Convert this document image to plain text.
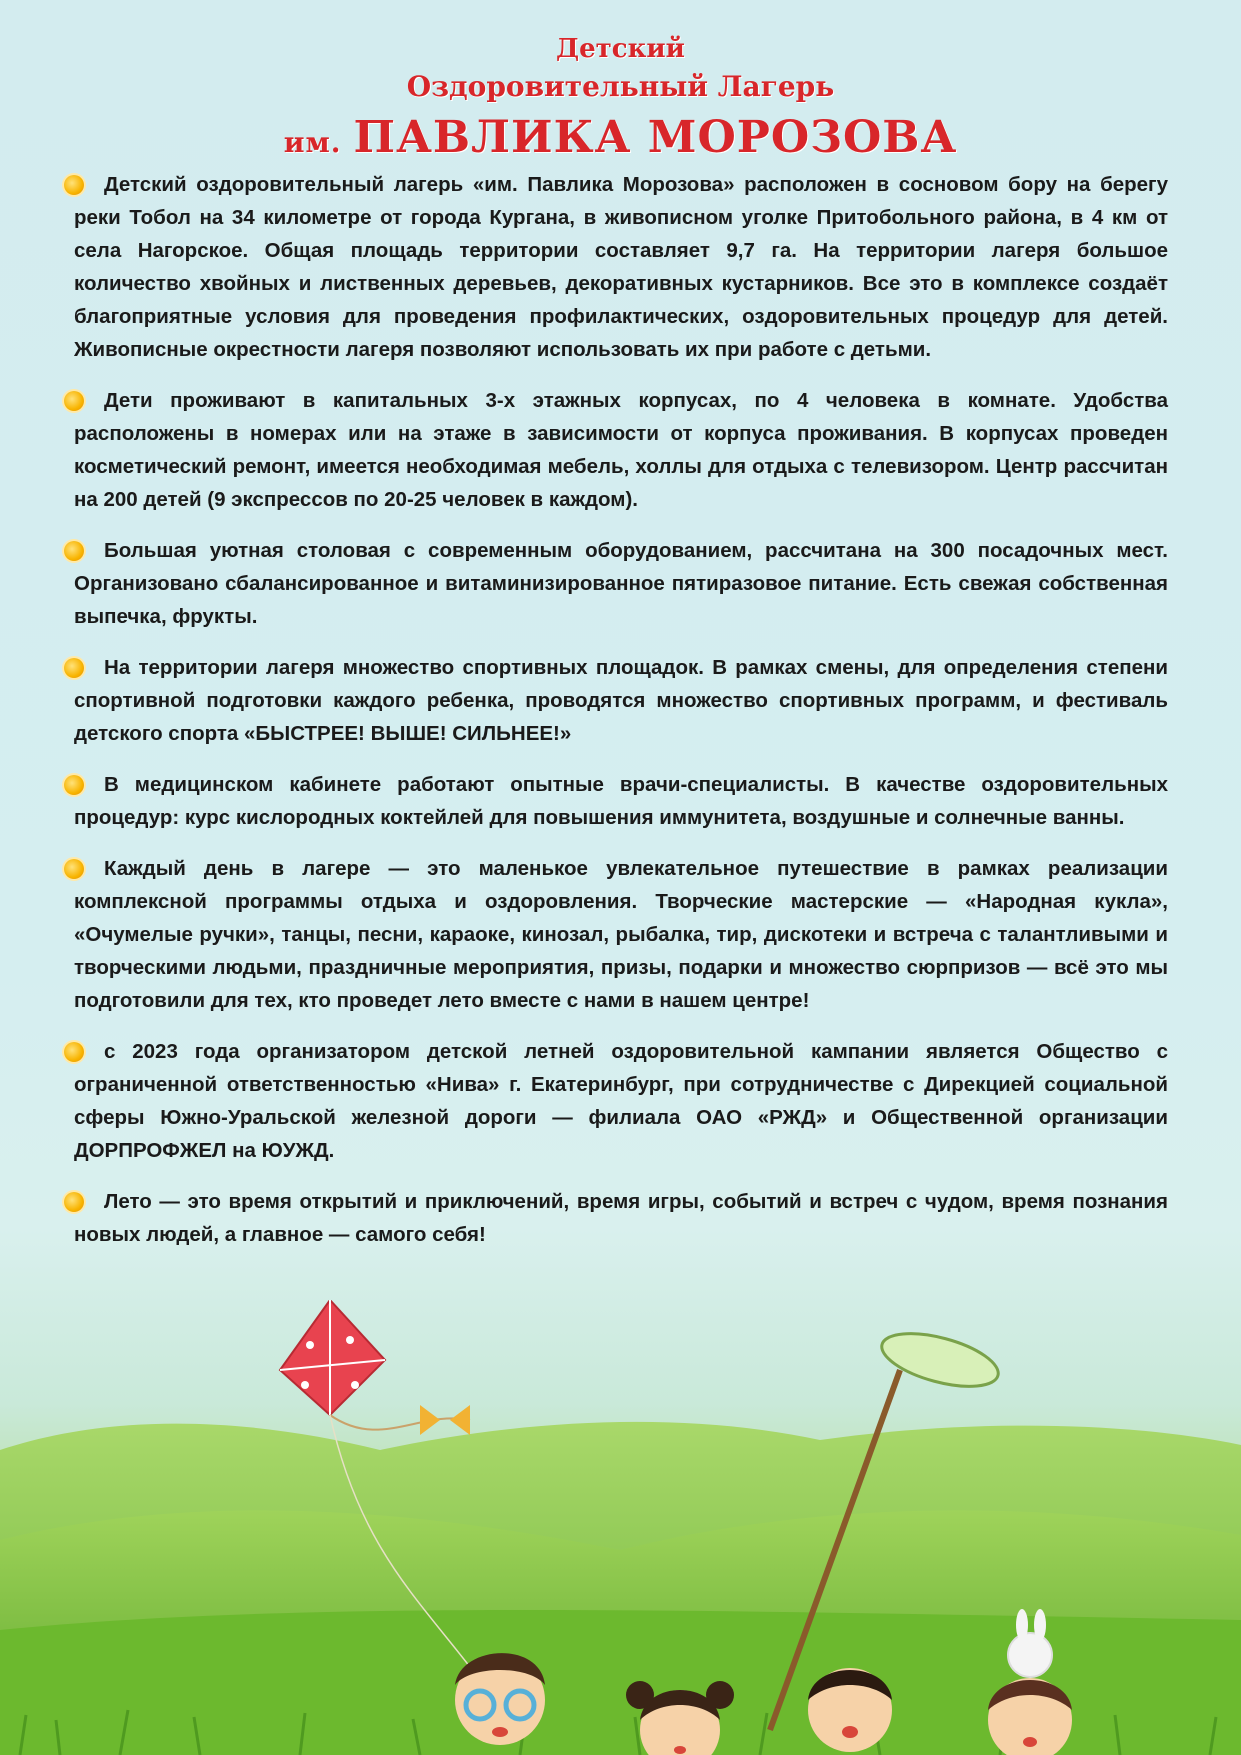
Детский
Оздоровительный Лагерь
им. ПАВЛИКА МОРОЗОВА

Детский оздоровительный лагерь «им. Павлика Морозова» расположен в сосновом бору на берегу реки Тобол на 34 километре от города Кургана, в живописном уголке Притобольного района, в 4 км от села Нагорское. Общая площадь территории составляет 9,7 га. На территории лагеря большое количество хвойных и лиственных деревьев, декоративных кустарников. Все это в комплексе создаёт благоприятные условия для проведения профилактических, оздоровительных процедур для детей. Живописные окрестности лагеря позволяют использовать их при работе с детьми.

Дети проживают в капитальных 3-х этажных корпусах, по 4 человека в комнате. Удобства расположены в номерах или на этаже в зависимости от корпуса проживания. В корпусах проведен косметический ремонт, имеется необходимая мебель, холлы для отдыха с телевизором. Центр рассчитан на 200 детей (9 экспрессов по 20-25 человек в каждом).

Большая уютная столовая с современным оборудованием, рассчитана на 300 посадочных мест. Организовано сбалансированное и витаминизированное пятиразовое питание. Есть свежая собственная выпечка, фрукты.

На территории лагеря множество спортивных площадок. В рамках смены, для определения степени спортивной подготовки каждого ребенка, проводятся множество спортивных программ, и фестиваль детского спорта «БЫСТРЕЕ! ВЫШЕ! СИЛЬНЕЕ!»

В медицинском кабинете работают опытные врачи-специалисты. В качестве оздоровительных процедур: курс кислородных коктейлей для повышения иммунитета, воздушные и солнечные ванны.

Каждый день в лагере — это маленькое увлекательное путешествие в рамках реализации комплексной программы отдыха и оздоровления. Творческие мастерские — «Народная кукла», «Очумелые ручки», танцы, песни, караоке, кинозал, рыбалка, тир, дискотеки и встреча с талантливыми и творческими людьми, праздничные мероприятия, призы, подарки и множество сюрпризов — всё это мы подготовили для тех, кто проведет лето вместе с нами в нашем центре!

с 2023 года организатором детской летней оздоровительной кампании является Общество с ограниченной ответственностью «Нива» г. Екатеринбург, при сотрудничестве с Дирекцией социальной сферы Южно-Уральской железной дороги — филиала ОАО «РЖД» и Общественной организации ДОРПРОФЖЕЛ на ЮУЖД.

Лето — это время открытий и приключений, время игры, событий и встреч с чудом, время познания новых людей, а главное — самого себя!
